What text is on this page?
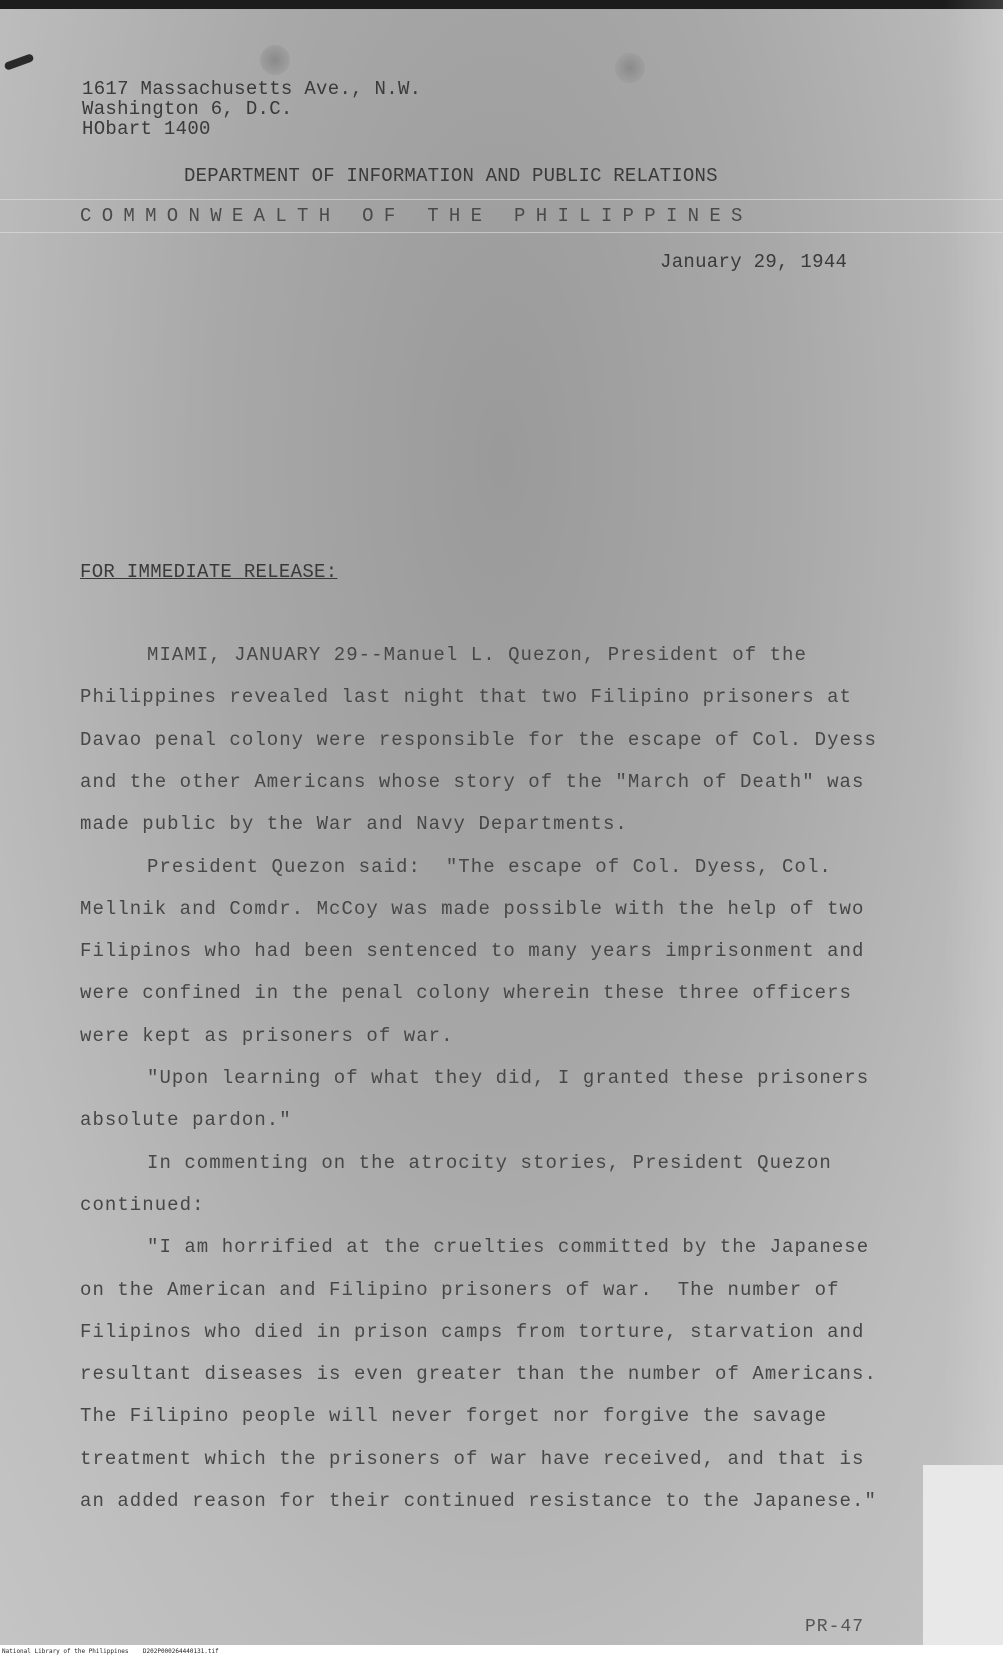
1617 Massachusetts Ave., N.W.
Washington 6, D.C.
HObart 1400
DEPARTMENT OF INFORMATION AND PUBLIC RELATIONS
COMMONWEALTH OF THE PHILIPPINES
January 29, 1944
FOR IMMEDIATE RELEASE:
MIAMI, JANUARY 29--Manuel L. Quezon, President of the
Philippines revealed last night that two Filipino prisoners at
Davao penal colony were responsible for the escape of Col. Dyess
and the other Americans whose story of the "March of Death" was
made public by the War and Navy Departments.
President Quezon said:  "The escape of Col. Dyess, Col.
Mellnik and Comdr. McCoy was made possible with the help of two
Filipinos who had been sentenced to many years imprisonment and
were confined in the penal colony wherein these three officers
were kept as prisoners of war.
"Upon learning of what they did, I granted these prisoners
absolute pardon."
In commenting on the atrocity stories, President Quezon
continued:
"I am horrified at the cruelties committed by the Japanese
on the American and Filipino prisoners of war.  The number of
Filipinos who died in prison camps from torture, starvation and
resultant diseases is even greater than the number of Americans.
The Filipino people will never forget nor forgive the savage
treatment which the prisoners of war have received, and that is
an added reason for their continued resistance to the Japanese."
PR-47
National Library of the Philippines    D202P000264440131.tif
